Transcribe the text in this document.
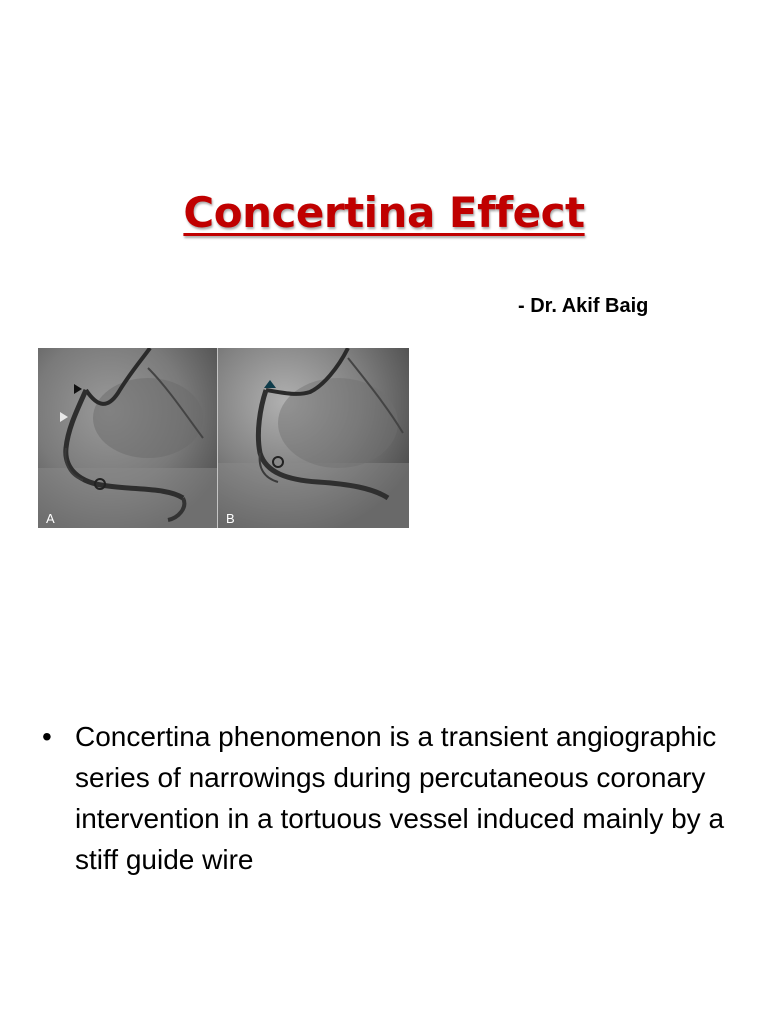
Concertina Effect
- Dr. Akif Baig
A	B
• Concertina phenomenon is a transient angiographic series of narrowings during percutaneous coronary intervention in a tortuous vessel induced mainly by a stiff guide wire
